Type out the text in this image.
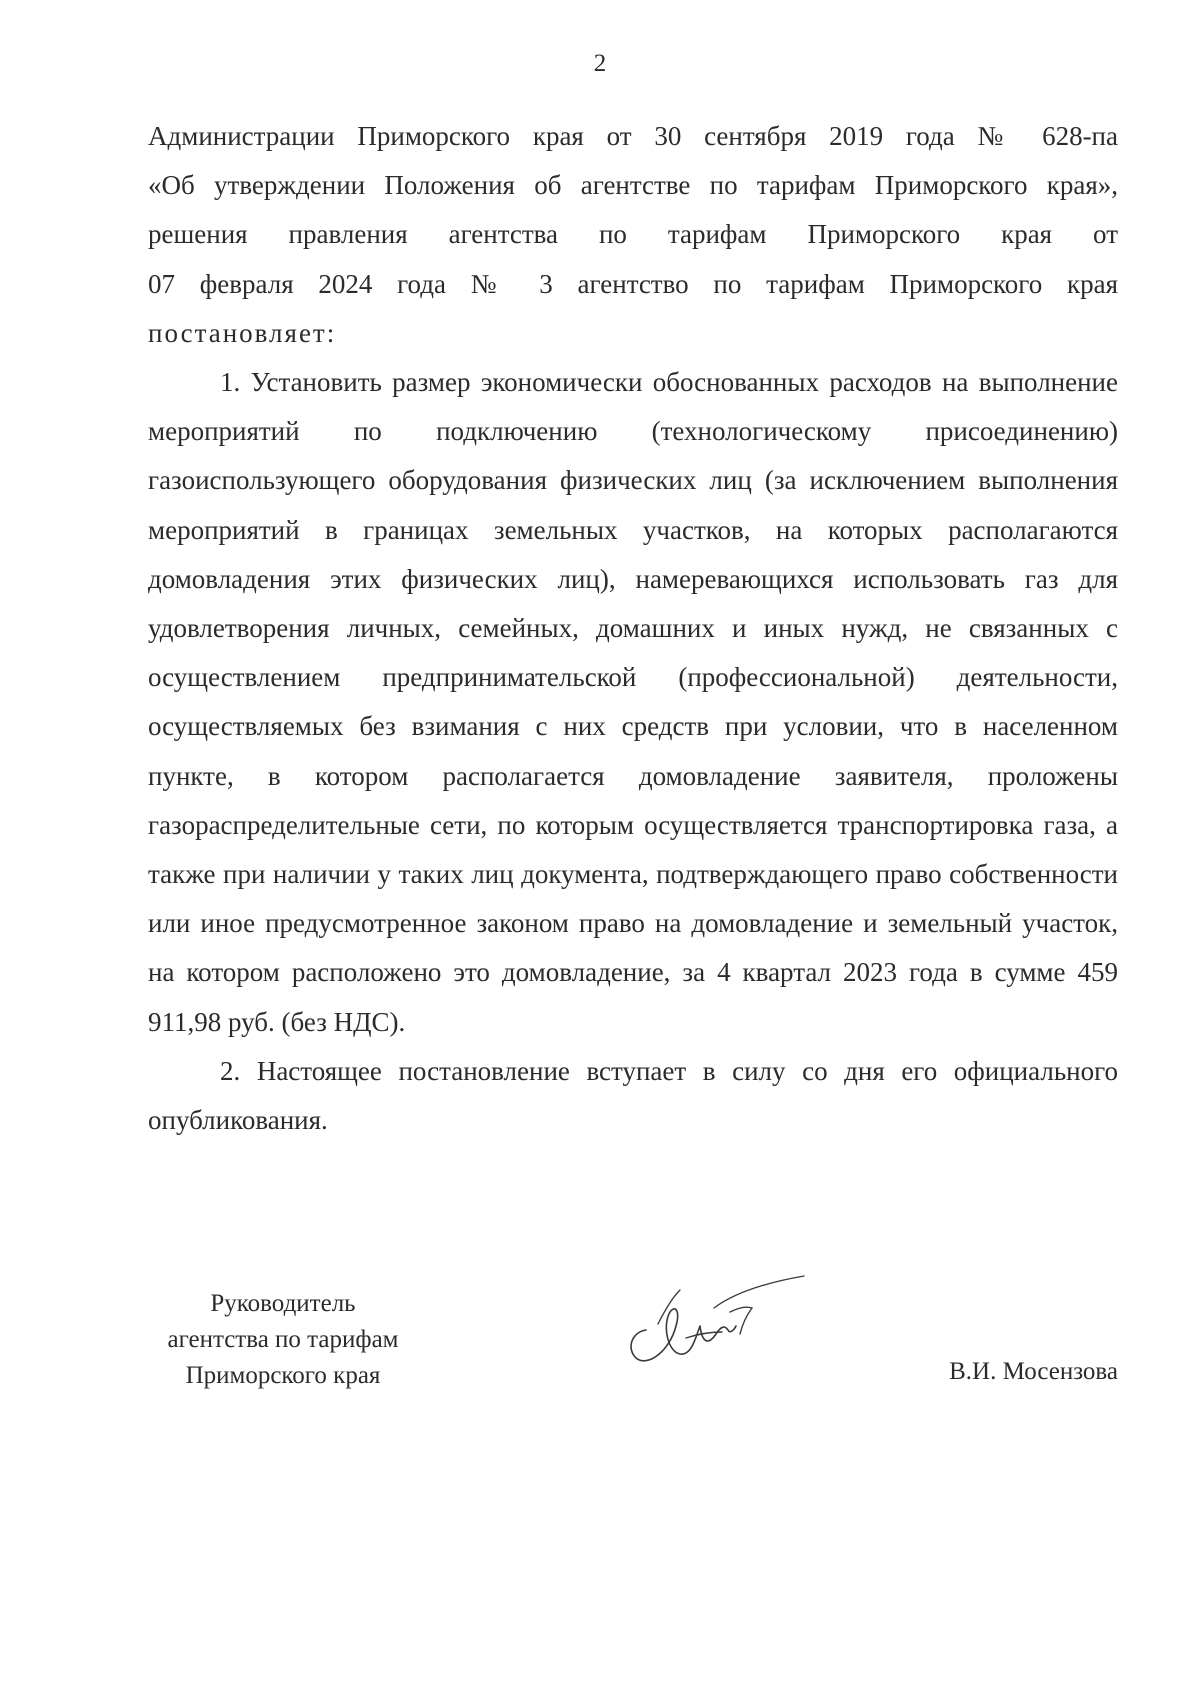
2

Администрации Приморского края от 30 сентября 2019 года № 628-па
«Об утверждении Положения об агентстве по тарифам Приморского края»,
решения правления агентства по тарифам Приморского края от
07 февраля 2024 года № 3 агентство по тарифам Приморского края
постановляет:

1. Установить размер экономически обоснованных расходов на выполнение мероприятий по подключению (технологическому присоединению) газоиспользующего оборудования физических лиц (за исключением выполнения мероприятий в границах земельных участков, на которых располагаются домовладения этих физических лиц), намеревающихся использовать газ для удовлетворения личных, семейных, домашних и иных нужд, не связанных с осуществлением предпринимательской (профессиональной) деятельности, осуществляемых без взимания с них средств при условии, что в населенном пункте, в котором располагается домовладение заявителя, проложены газораспределительные сети, по которым осуществляется транспортировка газа, а также при наличии у таких лиц документа, подтверждающего право собственности или иное предусмотренное законом право на домовладение и земельный участок, на котором расположено это домовладение, за 4 квартал 2023 года в сумме 459 911,98 руб. (без НДС).

2. Настоящее постановление вступает в силу со дня его официального опубликования.

Руководитель
агентства по тарифам
Приморского края	В.И. Мосензова
